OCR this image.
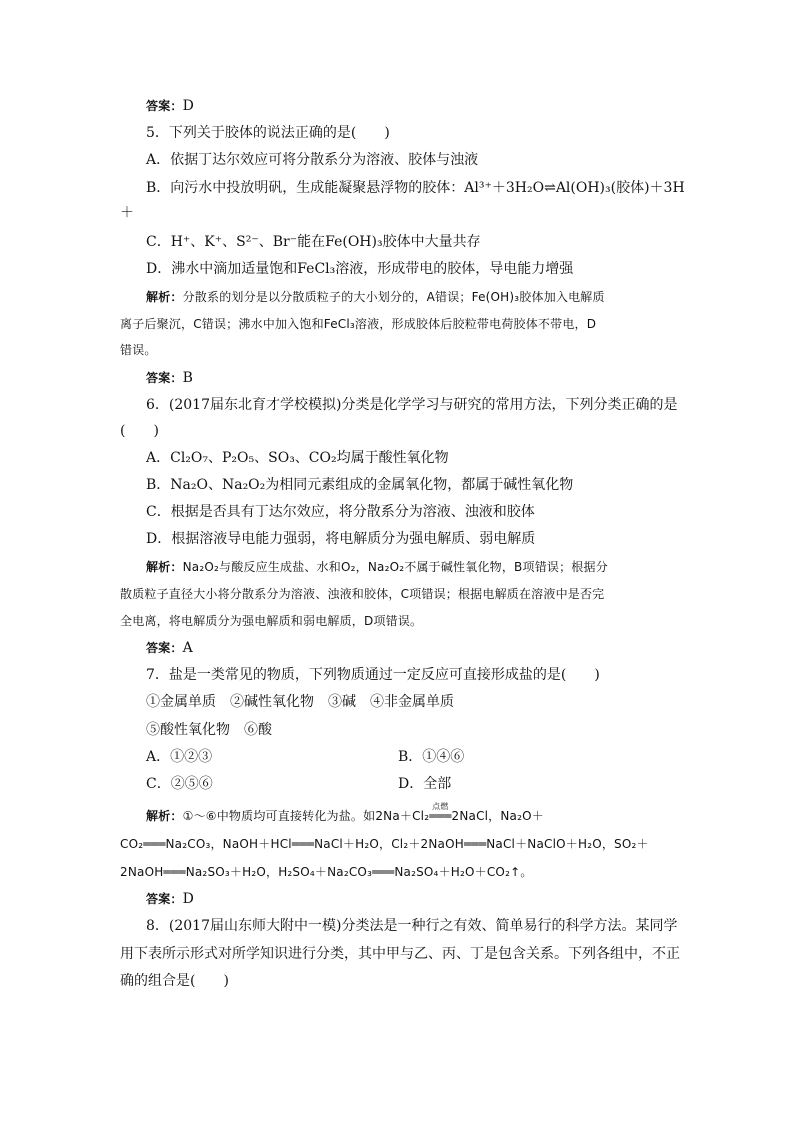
答案：D
5．下列关于胶体的说法正确的是(　　)
A．依据丁达尔效应可将分散系分为溶液、胶体与浊液
B．向污水中投放明矾，生成能凝聚悬浮物的胶体：Al³⁺＋3H₂O⇌Al(OH)₃(胶体)＋3H
＋
C．H⁺、K⁺、S²⁻、Br⁻能在Fe(OH)₃胶体中大量共存
D．沸水中滴加适量饱和FeCl₃溶液，形成带电的胶体，导电能力增强
解析：分散系的划分是以分散质粒子的大小划分的，A错误；Fe(OH)₃胶体加入电解质
离子后聚沉，C错误；沸水中加入饱和FeCl₃溶液，形成胶体后胶粒带电荷胶体不带电，D
错误。
答案：B
6．(2017届东北育才学校模拟)分类是化学学习与研究的常用方法，下列分类正确的是
(　　)
A．Cl₂O₇、P₂O₅、SO₃、CO₂均属于酸性氧化物
B．Na₂O、Na₂O₂为相同元素组成的金属氧化物，都属于碱性氧化物
C．根据是否具有丁达尔效应，将分散系分为溶液、浊液和胶体
D．根据溶液导电能力强弱，将电解质分为强电解质、弱电解质
解析：Na₂O₂与酸反应生成盐、水和O₂，Na₂O₂不属于碱性氧化物，B项错误；根据分
散质粒子直径大小将分散系分为溶液、浊液和胶体，C项错误；根据电解质在溶液中是否完
全电离，将电解质分为强电解质和弱电解质，D项错误。
答案：A
7．盐是一类常见的物质，下列物质通过一定反应可直接形成盐的是(　　)
①金属单质　②碱性氧化物　③碱　④非金属单质
⑤酸性氧化物　⑥酸
A．①②③	B．①④⑥
C．②⑤⑥	D．全部
解析：①～⑥中物质均可直接转化为盐。如2Na＋Cl₂
点燃
═══2NaCl，Na₂O＋
CO₂═══Na₂CO₃，NaOH＋HCl═══NaCl＋H₂O，Cl₂＋2NaOH═══NaCl＋NaClO＋H₂O，SO₂＋
2NaOH═══Na₂SO₃＋H₂O，H₂SO₄＋Na₂CO₃═══Na₂SO₄＋H₂O＋CO₂↑。
答案：D
8．(2017届山东师大附中一模)分类法是一种行之有效、简单易行的科学方法。某同学
用下表所示形式对所学知识进行分类，其中甲与乙、丙、丁是包含关系。下列各组中，不正
确的组合是(　　)
